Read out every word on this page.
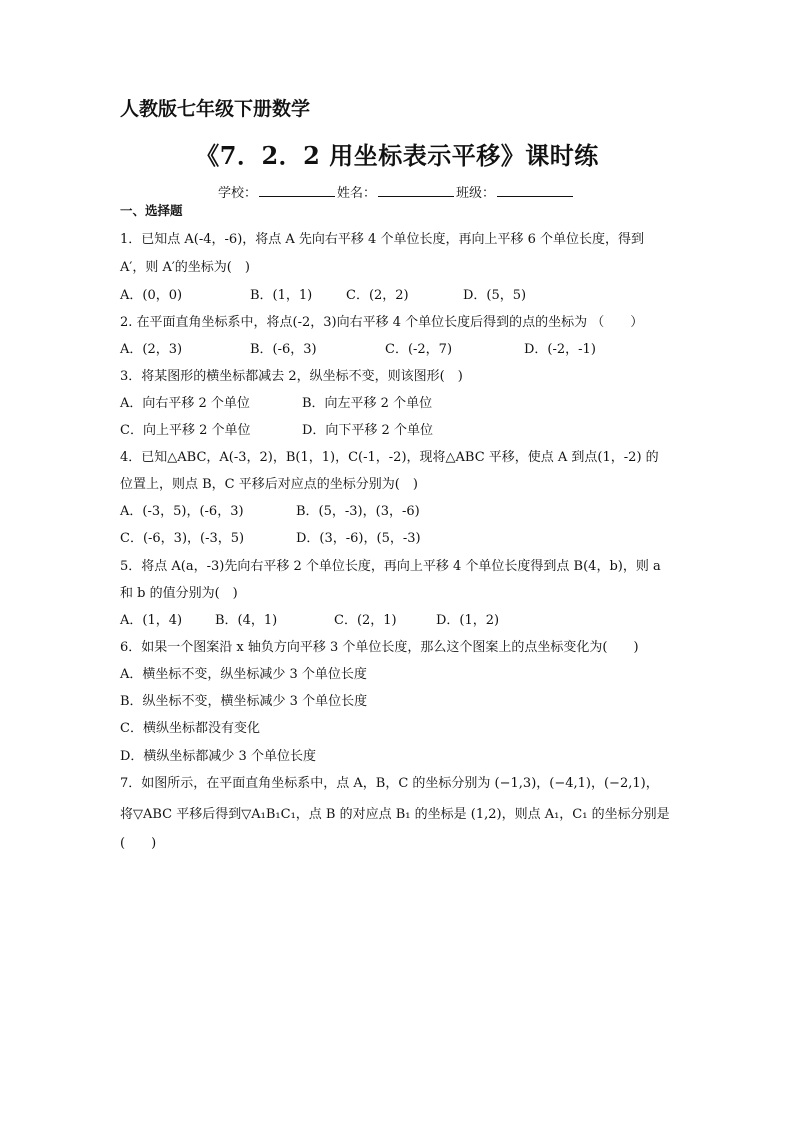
人教版七年级下册数学
《7．2．2 用坐标表示平移》课时练
学校：	姓名：	班级：
一、选择题
1．已知点 A(-4，-6)，将点 A 先向右平移 4 个单位长度，再向上平移 6 个单位长度，得到
A′，则 A′的坐标为(　)
A．(0，0)	B．(1，1)	C．(2，2)	D．(5，5)
2. 在平面直角坐标系中，将点(-2，3)向右平移 4 个单位长度后得到的点的坐标为 （　　）
A．(2，3)	B．(-6，3)	C．(-2，7)	D．(-2，-1)
3．将某图形的横坐标都减去 2，纵坐标不变，则该图形(　)
A．向右平移 2 个单位	B．向左平移 2 个单位
C．向上平移 2 个单位	D．向下平移 2 个单位
4．已知△ABC，A(-3，2)，B(1，1)，C(-1，-2)，现将△ABC 平移，使点 A 到点(1，-2) 的
位置上，则点 B，C 平移后对应点的坐标分别为(　)
A．(-3，5)，(-6，3)	B．(5，-3)，(3，-6)
C．(-6，3)，(-3，5)	D．(3，-6)，(5，-3)
5．将点 A(a，-3)先向右平移 2 个单位长度，再向上平移 4 个单位长度得到点 B(4，b)，则 a
和 b 的值分别为(　)
A．(1，4)	B．(4，1)	C．(2，1)	D．(1，2)
6．如果一个图案沿 x 轴负方向平移 3 个单位长度，那么这个图案上的点坐标变化为(　　)
A．横坐标不变，纵坐标减少 3 个单位长度
B．纵坐标不变，横坐标减少 3 个单位长度
C．横纵坐标都没有变化
D．横纵坐标都减少 3 个单位长度
7．如图所示，在平面直角坐标系中，点 A，B，C 的坐标分别为 (−1,3)，(−4,1)，(−2,1)，
将▽ABC 平移后得到▽A₁B₁C₁，点 B 的对应点 B₁ 的坐标是 (1,2)，则点 A₁，C₁ 的坐标分别是
(　　)
